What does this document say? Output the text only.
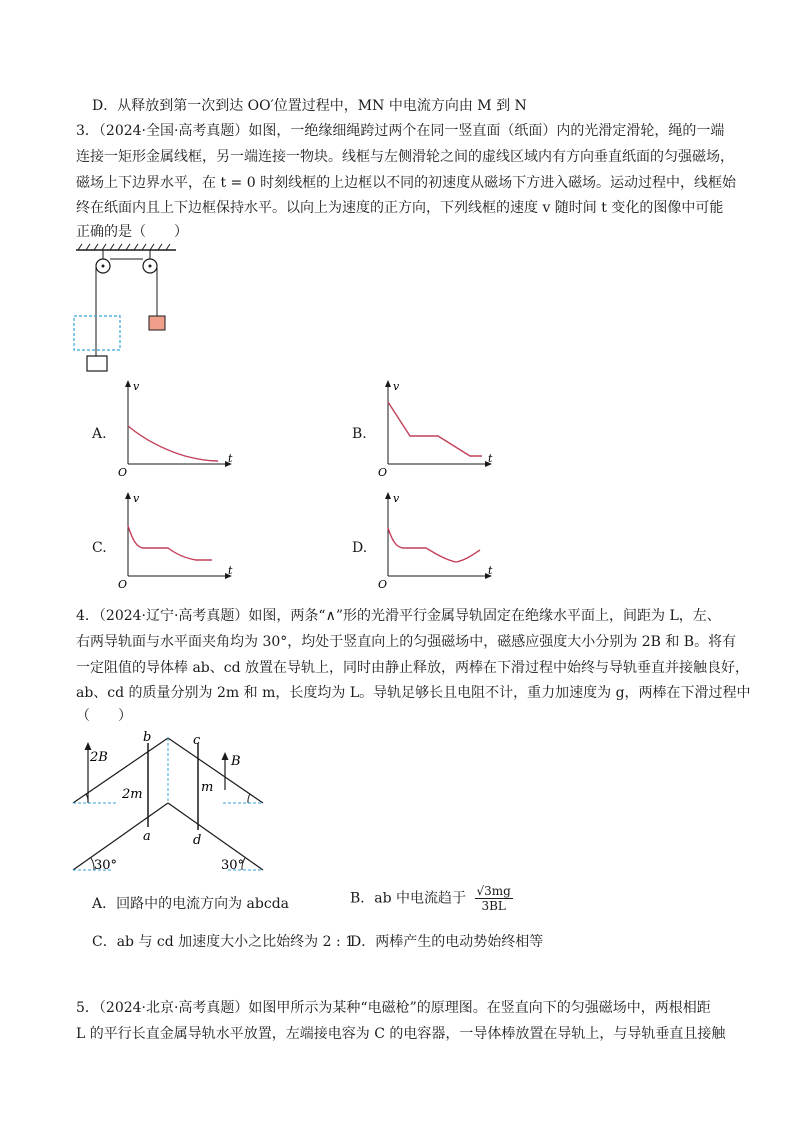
D．从释放到第一次到达 OO′位置过程中，MN 中电流方向由 M 到 N
3．（2024·全国·高考真题）如图，一绝缘细绳跨过两个在同一竖直面（纸面）内的光滑定滑轮，绳的一端
连接一矩形金属线框，另一端连接一物块。线框与左侧滑轮之间的虚线区域内有方向垂直纸面的匀强磁场，
磁场上下边界水平，在 t = 0 时刻线框的上边框以不同的初速度从磁场下方进入磁场。运动过程中，线框始
终在纸面内且上下边框保持水平。以向上为速度的正方向，下列线框的速度 v 随时间 t 变化的图像中可能
正确的是（　　）
A.
v
t
O
B.
v
t
O
C.
v
t
O
D.
v
t
O
4．（2024·辽宁·高考真题）如图，两条“∧”形的光滑平行金属导轨固定在绝缘水平面上，间距为 L，左、
右两导轨面与水平面夹角均为 30°，均处于竖直向上的匀强磁场中，磁感应强度大小分别为 2B 和 B。将有
一定阻值的导体棒 ab、cd 放置在导轨上，同时由静止释放，两棒在下滑过程中始终与导轨垂直并接触良好，
ab、cd 的质量分别为 2m 和 m，长度均为 L。导轨足够长且电阻不计，重力加速度为 g，两棒在下滑过程中
（　　）
2B	B
b	c
a	d
2m	m
30°	30°
A．回路中的电流方向为 abcda	B．ab 中电流趋于 $\frac{√3mg}{3BL}$
C．ab 与 cd 加速度大小之比始终为 2 : 1
D．两棒产生的电动势始终相等
5．（2024·北京·高考真题）如图甲所示为某种“电磁枪”的原理图。在竖直向下的匀强磁场中，两根相距
L 的平行长直金属导轨水平放置，左端接电容为 C 的电容器，一导体棒放置在导轨上，与导轨垂直且接触
